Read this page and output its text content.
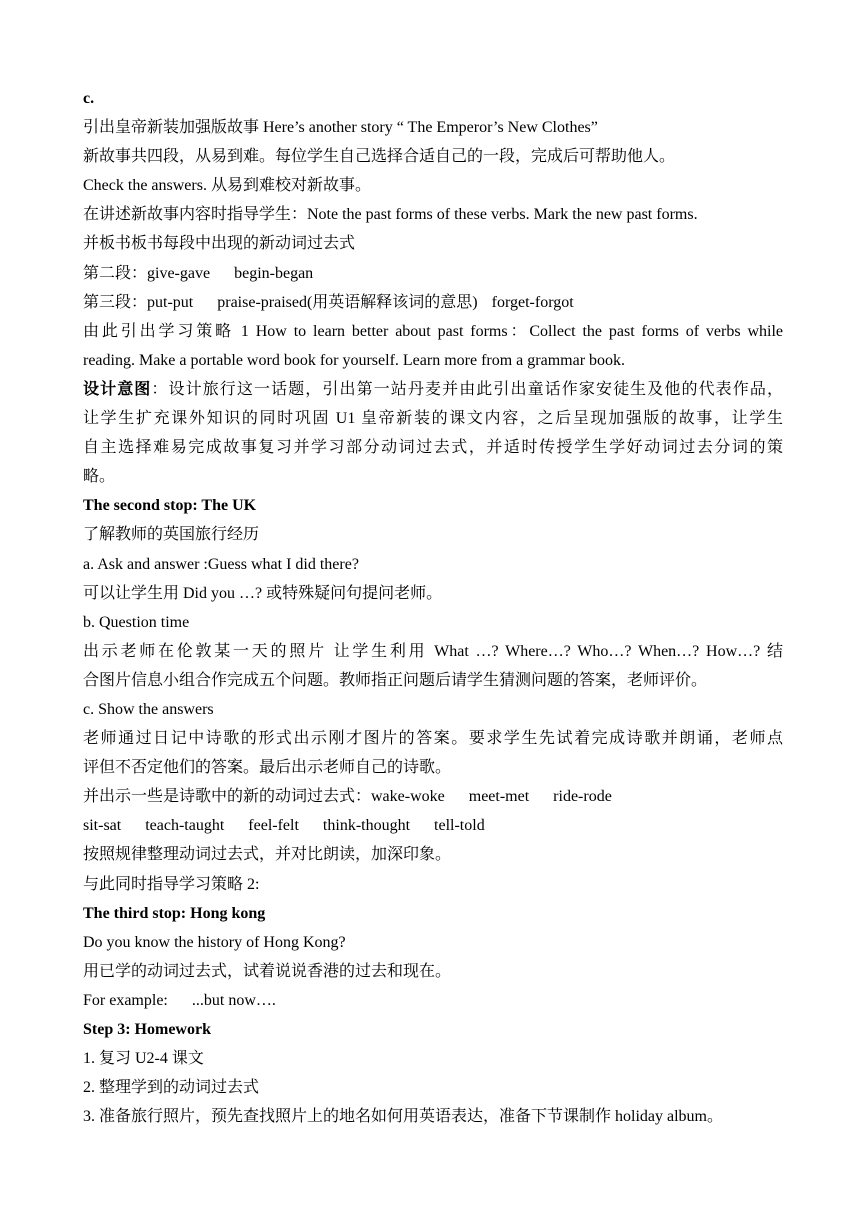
c.
引出皇帝新装加强版故事 Here’s another story “ The Emperor’s New Clothes”
新故事共四段，从易到难。每位学生自己选择合适自己的一段，完成后可帮助他人。
Check the answers. 从易到难校对新故事。
在讲述新故事内容时指导学生：Note the past forms of these verbs. Mark the new past forms.
并板书板书每段中出现的新动词过去式
第二段：give-gave begin-began
第三段：put-put praise-praised(用英语解释该词的意思) forget-forgot
由此引出学习策略 1 How to learn better about past forms：Collect the past forms of verbs while
reading. Make a portable word book for yourself. Learn more from a grammar book.
设计意图：设计旅行这一话题，引出第一站丹麦并由此引出童话作家安徒生及他的代表作品，
让学生扩充课外知识的同时巩固 U1 皇帝新装的课文内容，之后呈现加强版的故事，让学生
自主选择难易完成故事复习并学习部分动词过去式，并适时传授学生学好动词过去分词的策
略。
The second stop: The UK
了解教师的英国旅行经历
a. Ask and answer :Guess what I did there?
可以让学生用 Did you …? 或特殊疑问句提问老师。
b. Question time
出示老师在伦敦某一天的照片 让学生利用 What …? Where…? Who…? When…? How…? 结
合图片信息小组合作完成五个问题。教师指正问题后请学生猜测问题的答案，老师评价。
c. Show the answers
老师通过日记中诗歌的形式出示刚才图片的答案。要求学生先试着完成诗歌并朗诵，老师点
评但不否定他们的答案。最后出示老师自己的诗歌。
并出示一些是诗歌中的新的动词过去式：wake-woke meet-met ride-rode
sit-sat teach-taught feel-felt think-thought tell-told
按照规律整理动词过去式，并对比朗读，加深印象。
与此同时指导学习策略 2:
The third stop: Hong kong
Do you know the history of Hong Kong?
用已学的动词过去式，试着说说香港的过去和现在。
For example: ...but now….
Step 3: Homework
1. 复习 U2-4 课文
2. 整理学到的动词过去式
3. 准备旅行照片，预先查找照片上的地名如何用英语表达，准备下节课制作 holiday album。
